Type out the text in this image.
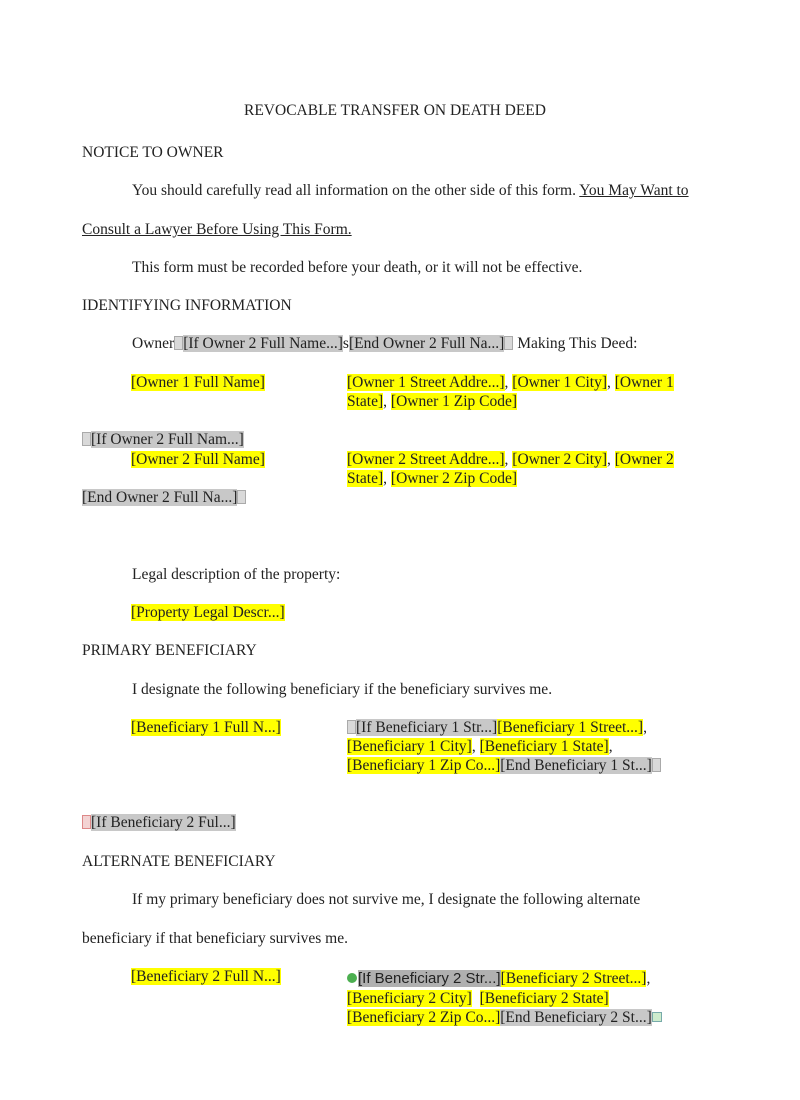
REVOCABLE TRANSFER ON DEATH DEED
NOTICE TO OWNER
You should carefully read all information on the other side of this form. You May Want to
Consult a Lawyer Before Using This Form.
This form must be recorded before your death, or it will not be effective.
IDENTIFYING INFORMATION
Owner [If Owner 2 Full Name...]s[End Owner 2 Full Na...] Making This Deed:
[Owner 1 Full Name]	[Owner 1 Street Addre...], [Owner 1 City], [Owner 1
State], [Owner 1 Zip Code]
[If Owner 2 Full Nam...]
[Owner 2 Full Name]	[Owner 2 Street Addre...], [Owner 2 City], [Owner 2
State], [Owner 2 Zip Code]
[End Owner 2 Full Na...]
Legal description of the property:
[Property Legal Descr...]
PRIMARY BENEFICIARY
I designate the following beneficiary if the beneficiary survives me.
[Beneficiary 1 Full N...]	[If Beneficiary 1 Str...][Beneficiary 1 Street...],
[Beneficiary 1 City], [Beneficiary 1 State],
[Beneficiary 1 Zip Co...][End Beneficiary 1 St...]
[If Beneficiary 2 Ful...]
ALTERNATE BENEFICIARY
If my primary beneficiary does not survive me, I designate the following alternate
beneficiary if that beneficiary survives me.
[Beneficiary 2 Full N...]	[If Beneficiary 2 Str...][Beneficiary 2 Street...],
[Beneficiary 2 City] [Beneficiary 2 State]
[Beneficiary 2 Zip Co...][End Beneficiary 2 St...]
